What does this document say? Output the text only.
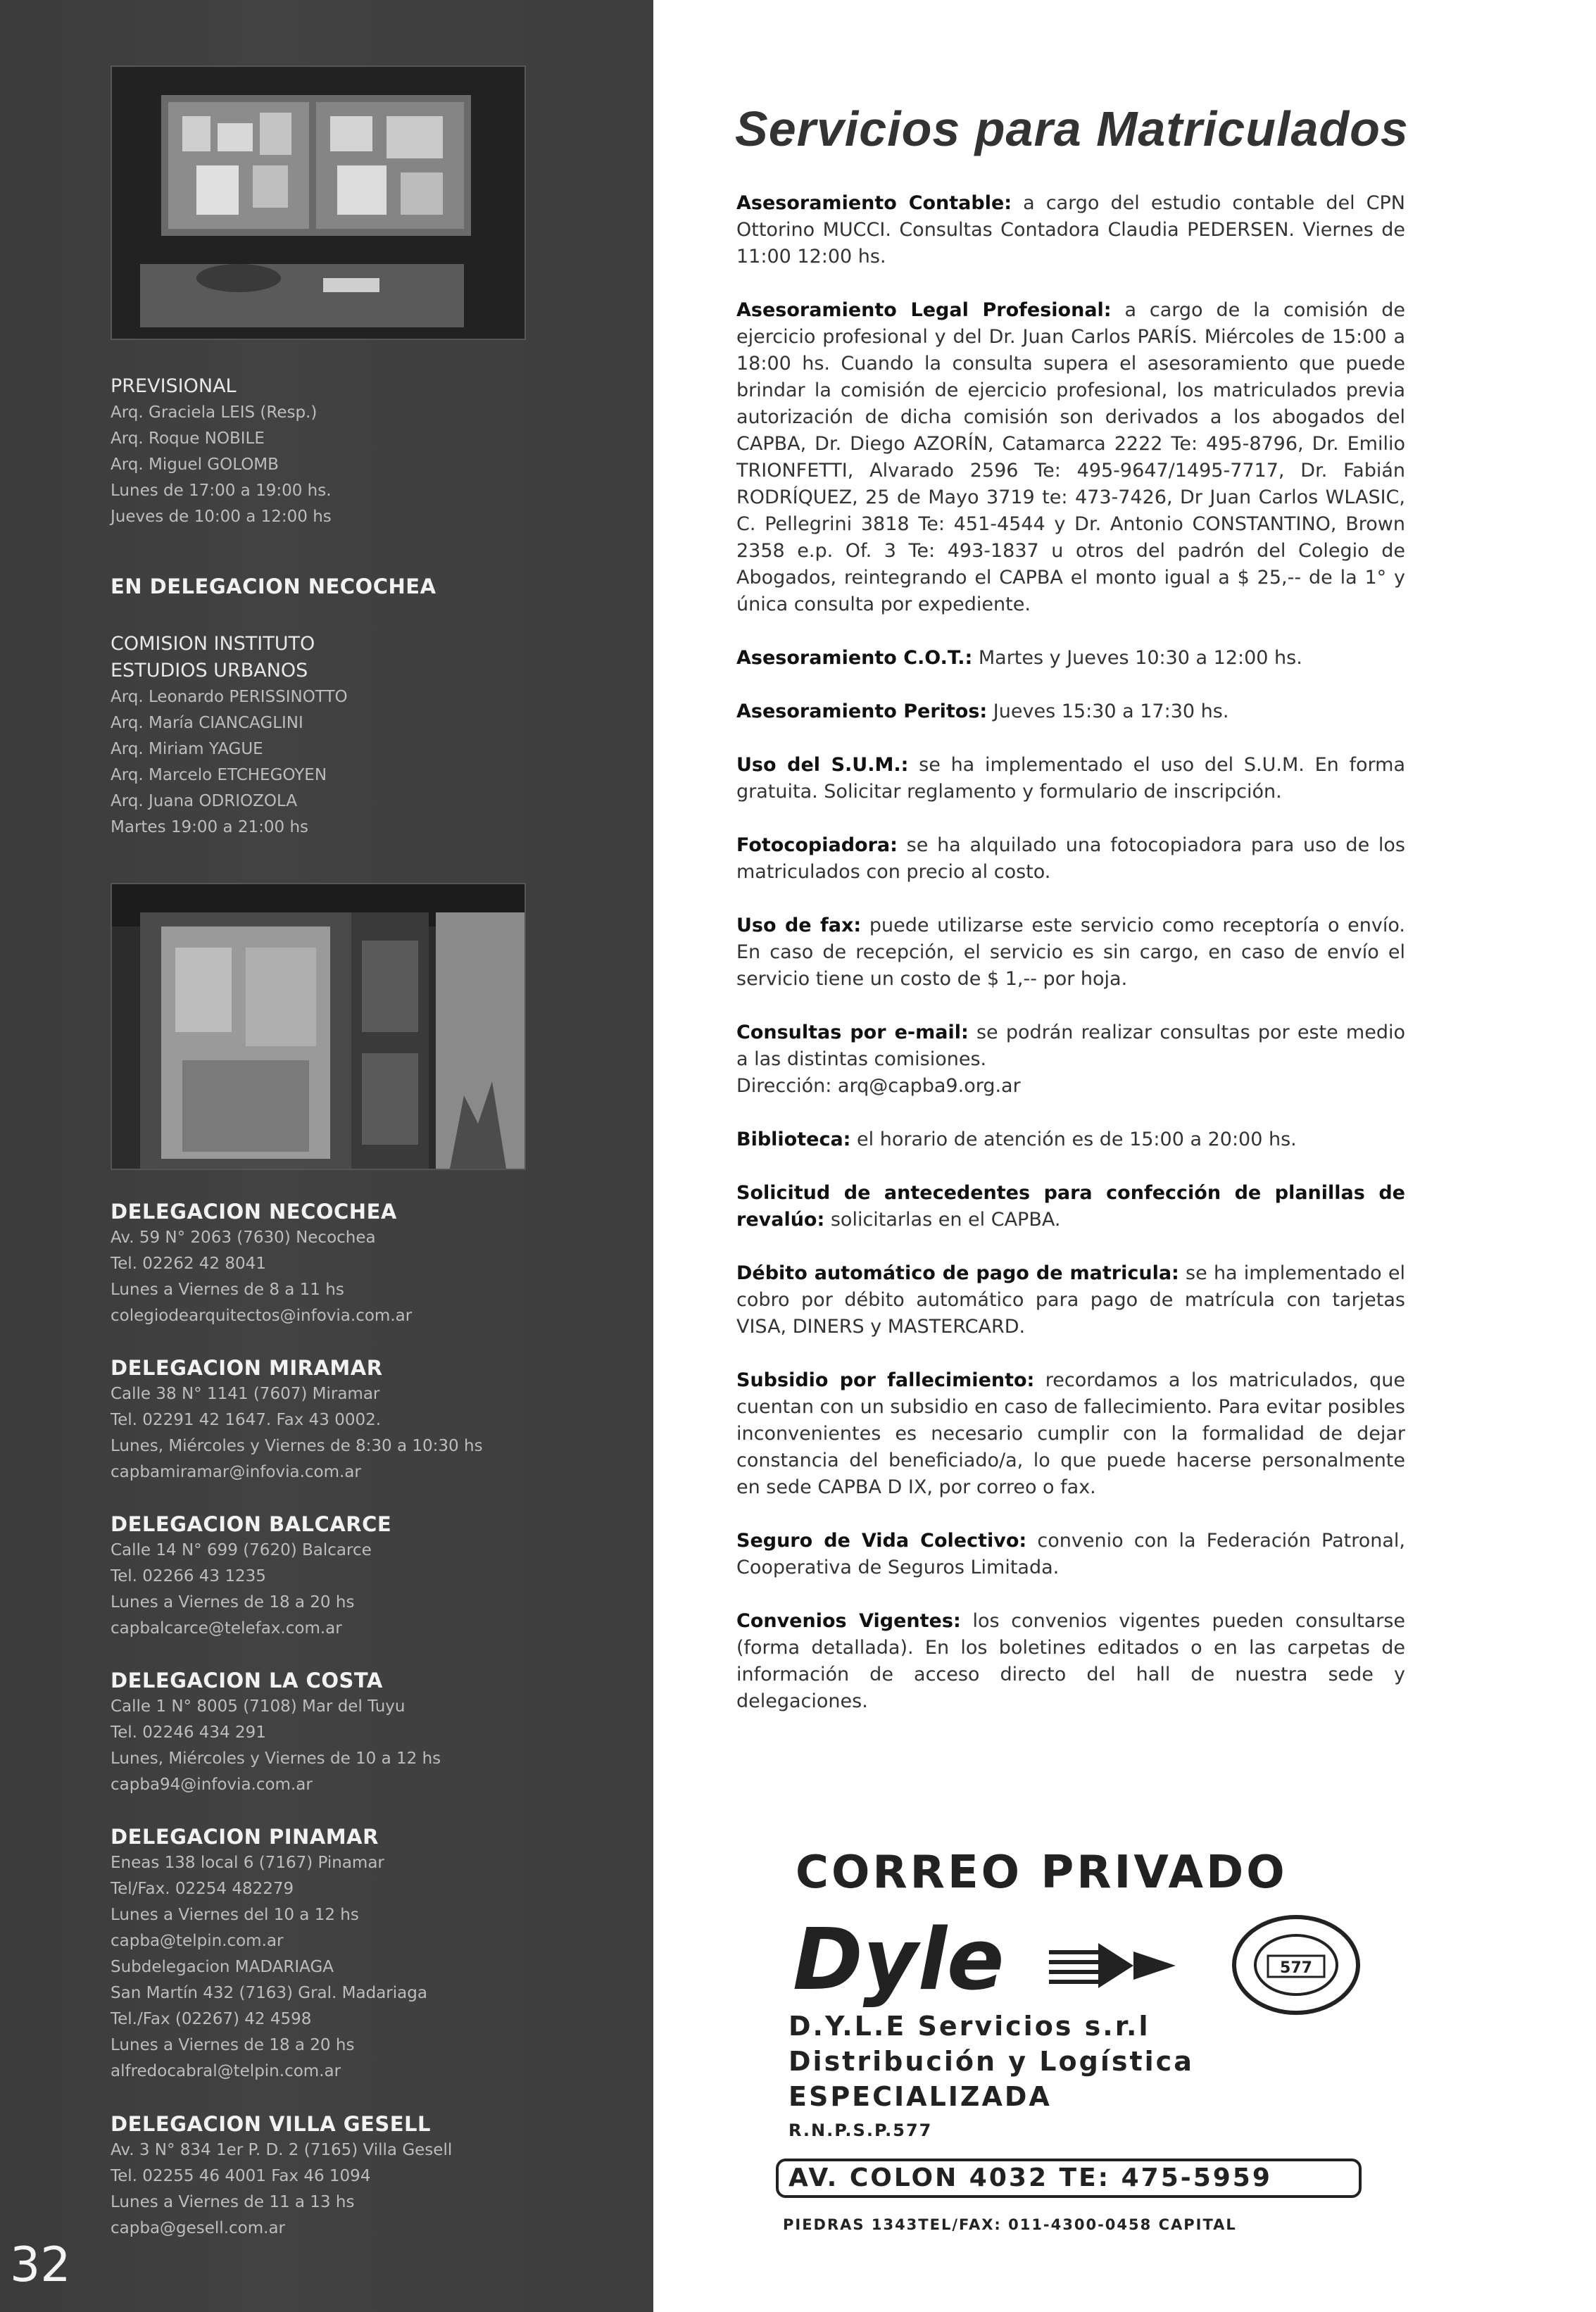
PREVISIONAL

Arq. Graciela LEIS (Resp.)

Arq. Roque NOBILE

Arq. Miguel GOLOMB

Lunes de 17:00 a 19:00 hs.

Jueves de 10:00 a 12:00 hs

EN DELEGACION NECOCHEA

COMISION INSTITUTO

ESTUDIOS URBANOS

Arq. Leonardo PERISSINOTTO

Arq. María CIANCAGLINI

Arq. Miriam YAGUE

Arq. Marcelo ETCHEGOYEN

Arq. Juana ODRIOZOLA

Martes 19:00 a 21:00 hs

DELEGACION NECOCHEA

Av. 59 N° 2063 (7630) Necochea

Tel. 02262 42 8041

Lunes a Viernes de 8 a 11 hs

colegiodearquitectos@infovia.com.ar

DELEGACION MIRAMAR

Calle 38 N° 1141 (7607) Miramar

Tel. 02291 42 1647. Fax 43 0002.

Lunes, Miércoles y Viernes de 8:30 a 10:30 hs

capbamiramar@infovia.com.ar

DELEGACION BALCARCE

Calle 14 N° 699 (7620) Balcarce

Tel. 02266 43 1235

Lunes a Viernes de 18 a 20 hs

capbalcarce@telefax.com.ar

DELEGACION LA COSTA

Calle 1 N° 8005 (7108) Mar del Tuyu

Tel. 02246 434 291

Lunes, Miércoles y Viernes de 10 a 12 hs

capba94@infovia.com.ar

DELEGACION PINAMAR

Eneas 138 local 6 (7167) Pinamar

Tel/Fax. 02254 482279

Lunes a Viernes del 10 a 12 hs

capba@telpin.com.ar

Subdelegacion MADARIAGA

San Martín 432 (7163) Gral. Madariaga

Tel./Fax (02267) 42 4598

Lunes a Viernes de 18 a 20 hs

alfredocabral@telpin.com.ar

DELEGACION VILLA GESELL

Av. 3 N° 834 1er P. D. 2 (7165) Villa Gesell

Tel. 02255 46 4001 Fax 46 1094

Lunes a Viernes de 11 a 13 hs

capba@gesell.com.ar

32
Servicios para Matriculados

Asesoramiento Contable: a cargo del estudio contable del CPN Ottorino MUCCI. Consultas Contadora Claudia PEDERSEN. Viernes de 11:00 12:00 hs.

Asesoramiento Legal Profesional: a cargo de la comisión de ejercicio profesional y del Dr. Juan Carlos PARÍS. Miércoles de 15:00 a 18:00 hs. Cuando la consulta supera el asesoramiento que puede brindar la comisión de ejercicio profesional, los matriculados previa autorización de dicha comisión son derivados a los abogados del CAPBA, Dr. Diego AZORÍN, Catamarca 2222 Te: 495-8796, Dr. Emilio TRIONFETTI, Alvarado 2596 Te: 495-9647/1495-7717, Dr. Fabián RODRÍQUEZ, 25 de Mayo 3719 te: 473-7426, Dr Juan Carlos WLASIC, C. Pellegrini 3818 Te: 451-4544 y Dr. Antonio CONSTANTINO, Brown 2358 e.p. Of. 3 Te: 493-1837 u otros del padrón del Colegio de Abogados, reintegrando el CAPBA el monto igual a $ 25,-- de la 1° y única consulta por expediente.

Asesoramiento C.O.T.: Martes y Jueves 10:30 a 12:00 hs.

Asesoramiento Peritos: Jueves 15:30 a 17:30 hs.

Uso del S.U.M.: se ha implementado el uso del S.U.M. En forma gratuita. Solicitar reglamento y formulario de inscripción.

Fotocopiadora: se ha alquilado una fotocopiadora para uso de los matriculados con precio al costo.

Uso de fax: puede utilizarse este servicio como receptoría o envío. En caso de recepción, el servicio es sin cargo, en caso de envío el servicio tiene un costo de $ 1,-- por hoja.

Consultas por e-mail: se podrán realizar consultas por este medio a las distintas comisiones.
Dirección: arq@capba9.org.ar

Biblioteca: el horario de atención es de 15:00 a 20:00 hs.

Solicitud de antecedentes para confección de planillas de revalúo: solicitarlas en el CAPBA.

Débito automático de pago de matricula: se ha implementado el cobro por débito automático para pago de matrícula con tarjetas VISA, DINERS y MASTERCARD.

Subsidio por fallecimiento: recordamos a los matriculados, que cuentan con un subsidio en caso de fallecimiento. Para evitar posibles inconvenientes es necesario cumplir con la formalidad de dejar constancia del beneficiado/a, lo que puede hacerse personalmente en sede CAPBA D IX, por correo o fax.

Seguro de Vida Colectivo: convenio con la Federación Patronal, Cooperativa de Seguros Limitada.

Convenios Vigentes: los convenios vigentes pueden consultarse (forma detallada). En los boletines editados o en las carpetas de información de acceso directo del hall de nuestra sede y delegaciones.

CORREO PRIVADO

Dyle	577

D.Y.L.E Servicios s.r.l

Distribución y Logística

ESPECIALIZADA

R.N.P.S.P.577

AV. COLON 4032 TE: 475-5959

PIEDRAS 1343TEL/FAX: 011-4300-0458 CAPITAL
